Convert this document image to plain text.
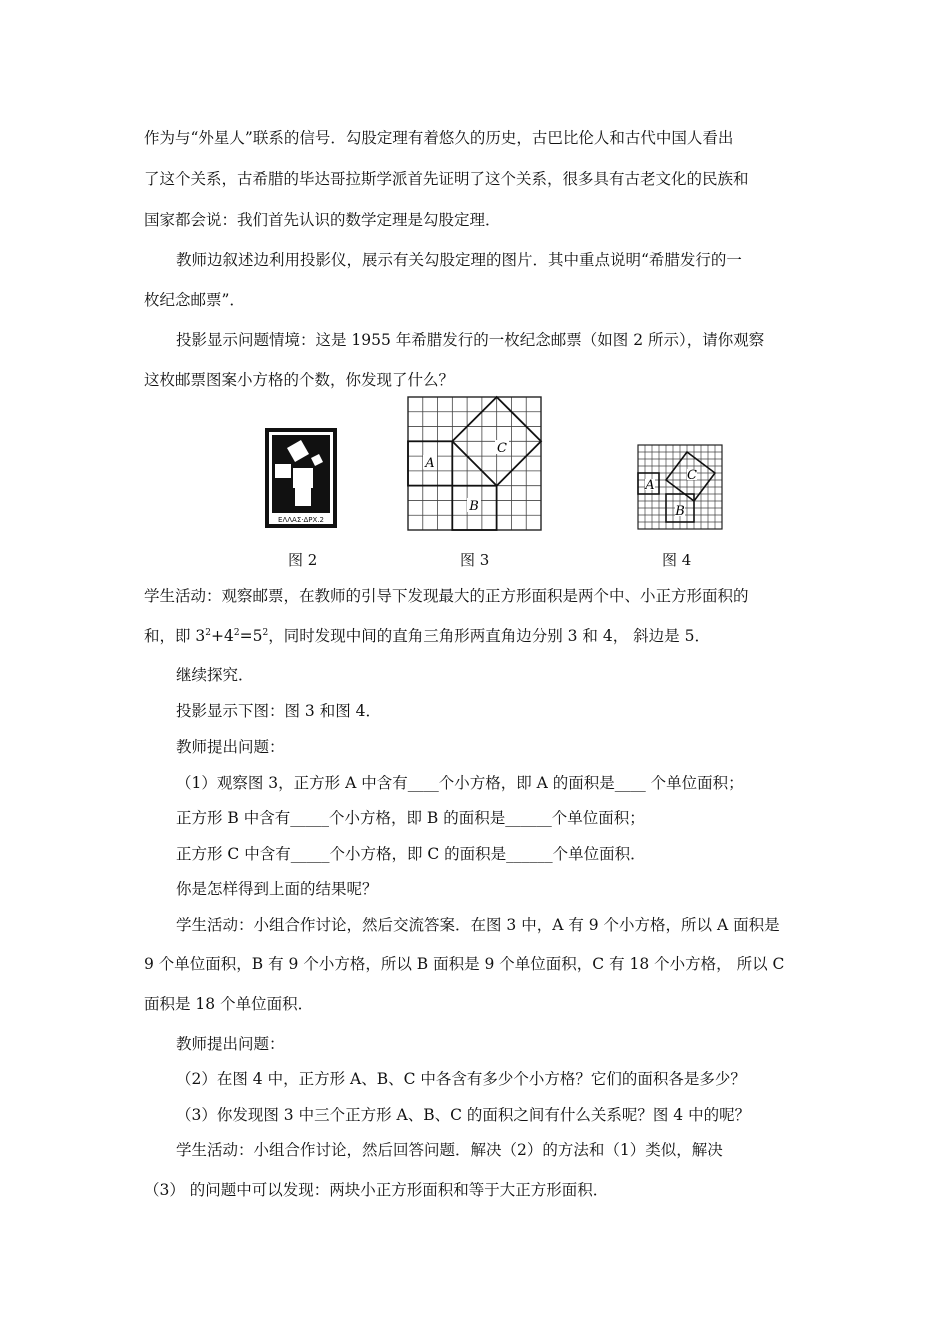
作为与“外星人”联系的信号．勾股定理有着悠久的历史，古巴比伦人和古代中国人看出
了这个关系，古希腊的毕达哥拉斯学派首先证明了这个关系，很多具有古老文化的民族和
国家都会说：我们首先认识的数学定理是勾股定理．
教师边叙述边利用投影仪，展示有关勾股定理的图片．其中重点说明“希腊发行的一
枚纪念邮票”．
投影显示问题情境：这是 1955 年希腊发行的一枚纪念邮票（如图 2 所示），请你观察
这枚邮票图案小方格的个数，你发现了什么？
ΕΛΛΑΣ·ΔΡΧ.2
A
B
C
A
B
C
图 2	图 3	图 4
学生活动：观察邮票，在教师的引导下发现最大的正方形面积是两个中、小正方形面积的
和，即 $3^2+4^2=5^2$，同时发现中间的直角三角形两直角边分别 3 和 4， 斜边是 5．
继续探究．
投影显示下图：图 3 和图 4．
教师提出问题：
（1）观察图 3，正方形 A 中含有____个小方格，即 A 的面积是____ 个单位面积；
正方形 B 中含有_____个小方格，即 B 的面积是______个单位面积；
正方形 C 中含有_____个小方格，即 C 的面积是______个单位面积．
你是怎样得到上面的结果呢？
学生活动：小组合作讨论，然后交流答案．在图 3 中，A 有 9 个小方格，所以 A 面积是
9 个单位面积，B 有 9 个小方格，所以 B 面积是 9 个单位面积，C 有 18 个小方格， 所以 C
面积是 18 个单位面积．
教师提出问题：
（2）在图 4 中，正方形 A、B、C 中各含有多少个小方格？它们的面积各是多少？
（3）你发现图 3 中三个正方形 A、B、C 的面积之间有什么关系呢？图 4 中的呢？
学生活动：小组合作讨论，然后回答问题．解决（2）的方法和（1）类似，解决
（3） 的问题中可以发现：两块小正方形面积和等于大正方形面积．
